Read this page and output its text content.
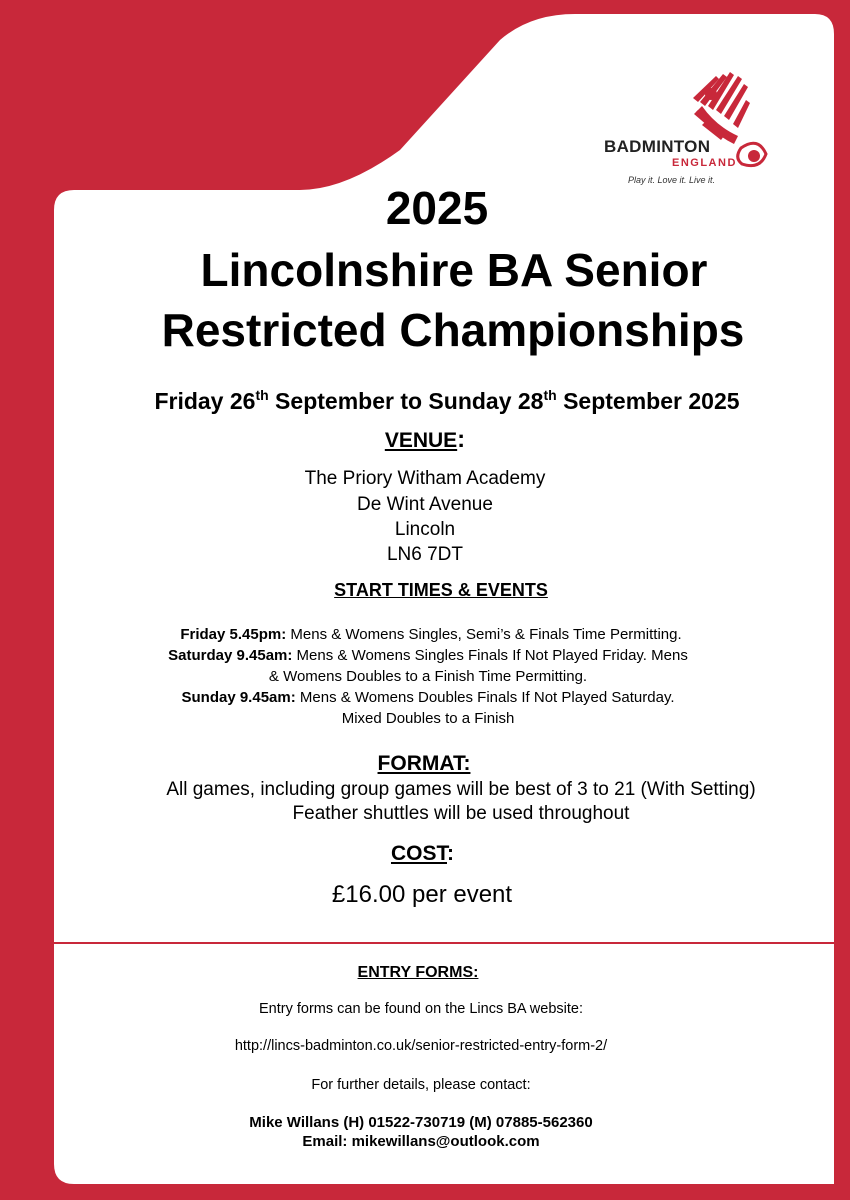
BADMINTON
ENGLAND
Play it. Love it. Live it.
2025
Lincolnshire BA Senior
Restricted Championships
Friday 26th September to Sunday 28th September 2025
VENUE:
The Priory Witham Academy
De Wint Avenue
Lincoln
LN6 7DT
START TIMES & EVENTS
Friday 5.45pm: Mens & Womens Singles, Semi’s & Finals Time Permitting.
Saturday 9.45am: Mens & Womens Singles Finals If Not Played Friday. Mens
& Womens Doubles to a Finish Time Permitting.
Sunday 9.45am: Mens & Womens Doubles Finals If Not Played Saturday.
Mixed Doubles to a Finish
FORMAT:
All games, including group games will be best of 3 to 21 (With Setting)
Feather shuttles will be used throughout
COST:
£16.00 per event
ENTRY FORMS:
Entry forms can be found on the Lincs BA website:
http://lincs-badminton.co.uk/senior-restricted-entry-form-2/
For further details, please contact:
Mike Willans (H) 01522-730719 (M) 07885-562360
Email: mikewillans@outlook.com
